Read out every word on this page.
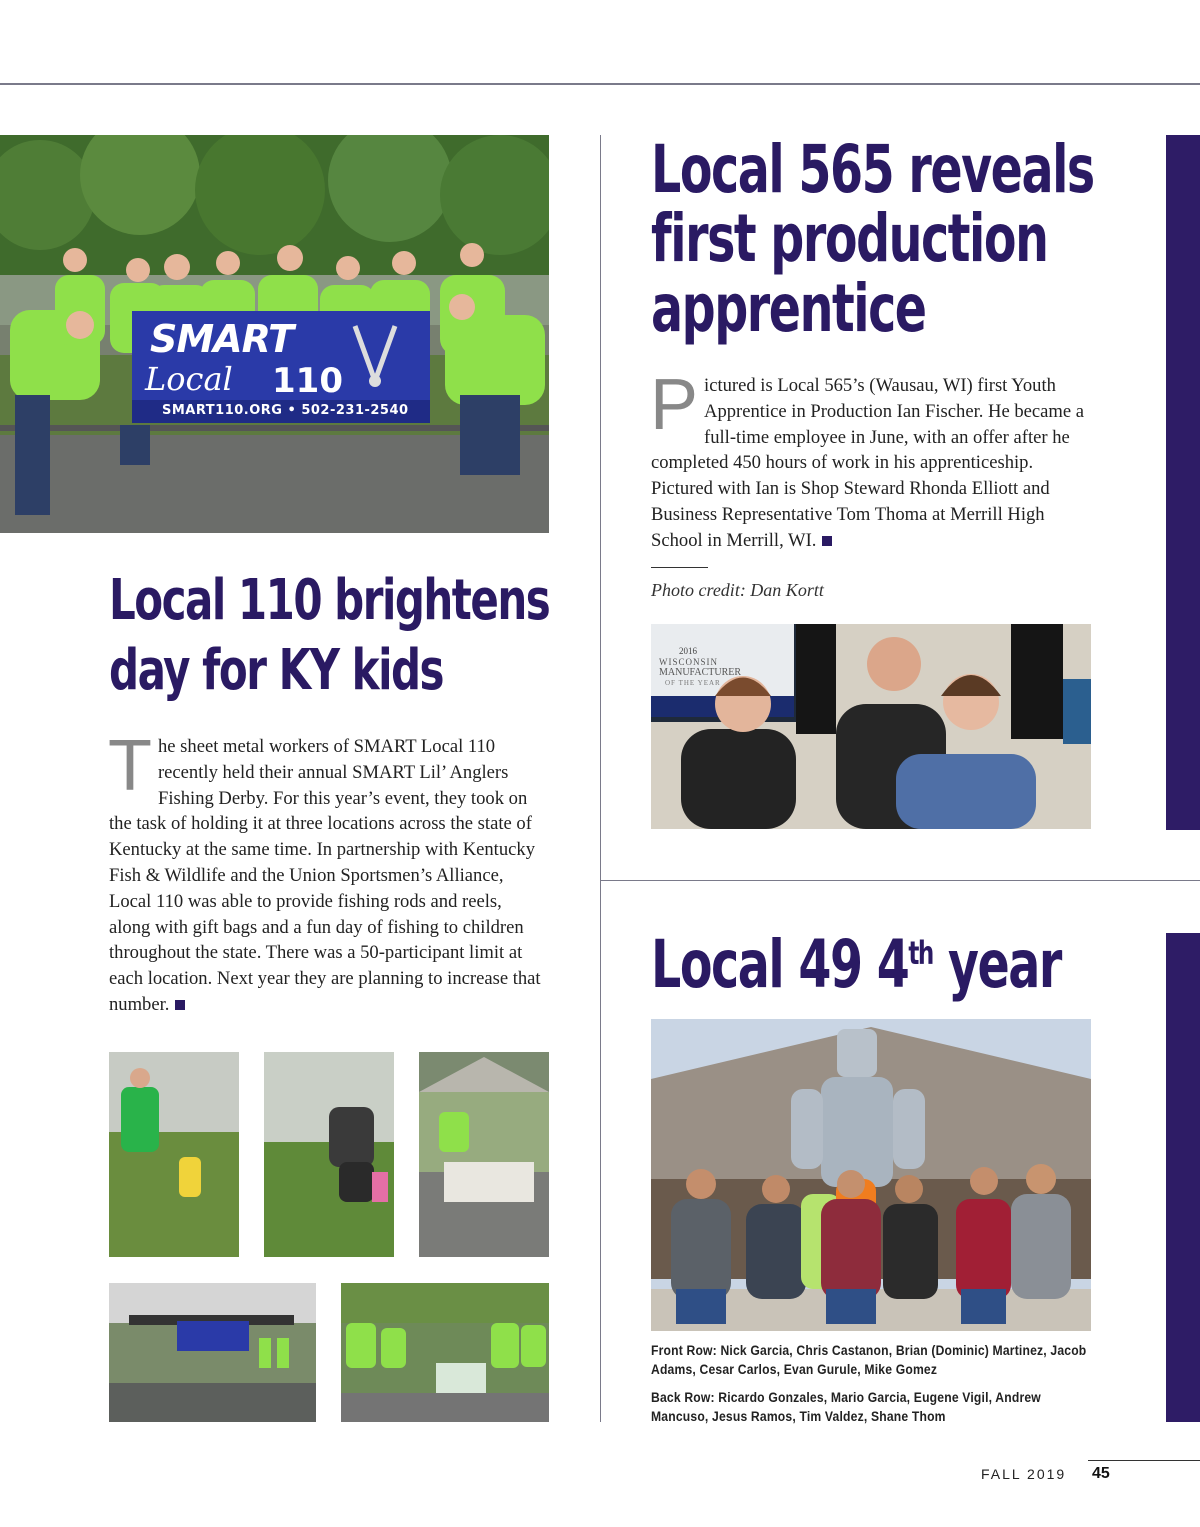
SMART
Local 110
SMART110.ORG • 502-231-2540
Local 110 brightens
day for KY kids
The sheet metal workers of SMART Local 110 recently held their annual SMART Lil’ Anglers Fishing Derby. For this year’s event, they took on the task of holding it at three locations across the state of Kentucky at the same time. In partnership with Kentucky Fish & Wildlife and the Union Sportsmen’s Alliance, Local 110 was able to provide fishing rods and reels, along with gift bags and a fun day of fishing to children throughout the state. There was a 50-participant limit at each location. Next year they are planning to increase that number.
Local 565 reveals
first production
apprentice
Pictured is Local 565’s (Wausau, WI) first Youth Apprentice in Production Ian Fischer. He became a full-time employee in June, with an offer after he completed 450 hours of work in his apprenticeship. Pictured with Ian is Shop Steward Rhonda Elliott and Business Representative Tom Thoma at Merrill High School in Merrill, WI.
Photo credit: Dan Kortt
2016
WISCONSIN
MANUFACTURER
OF THE YEAR
Local 49 4th year
Front Row: Nick Garcia, Chris Castanon, Brian (Dominic) Martinez, Jacob Adams, Cesar Carlos, Evan Gurule, Mike Gomez
Back Row: Ricardo Gonzales, Mario Garcia, Eugene Vigil, Andrew Mancuso, Jesus Ramos, Tim Valdez, Shane Thom
FALL 2019 45
